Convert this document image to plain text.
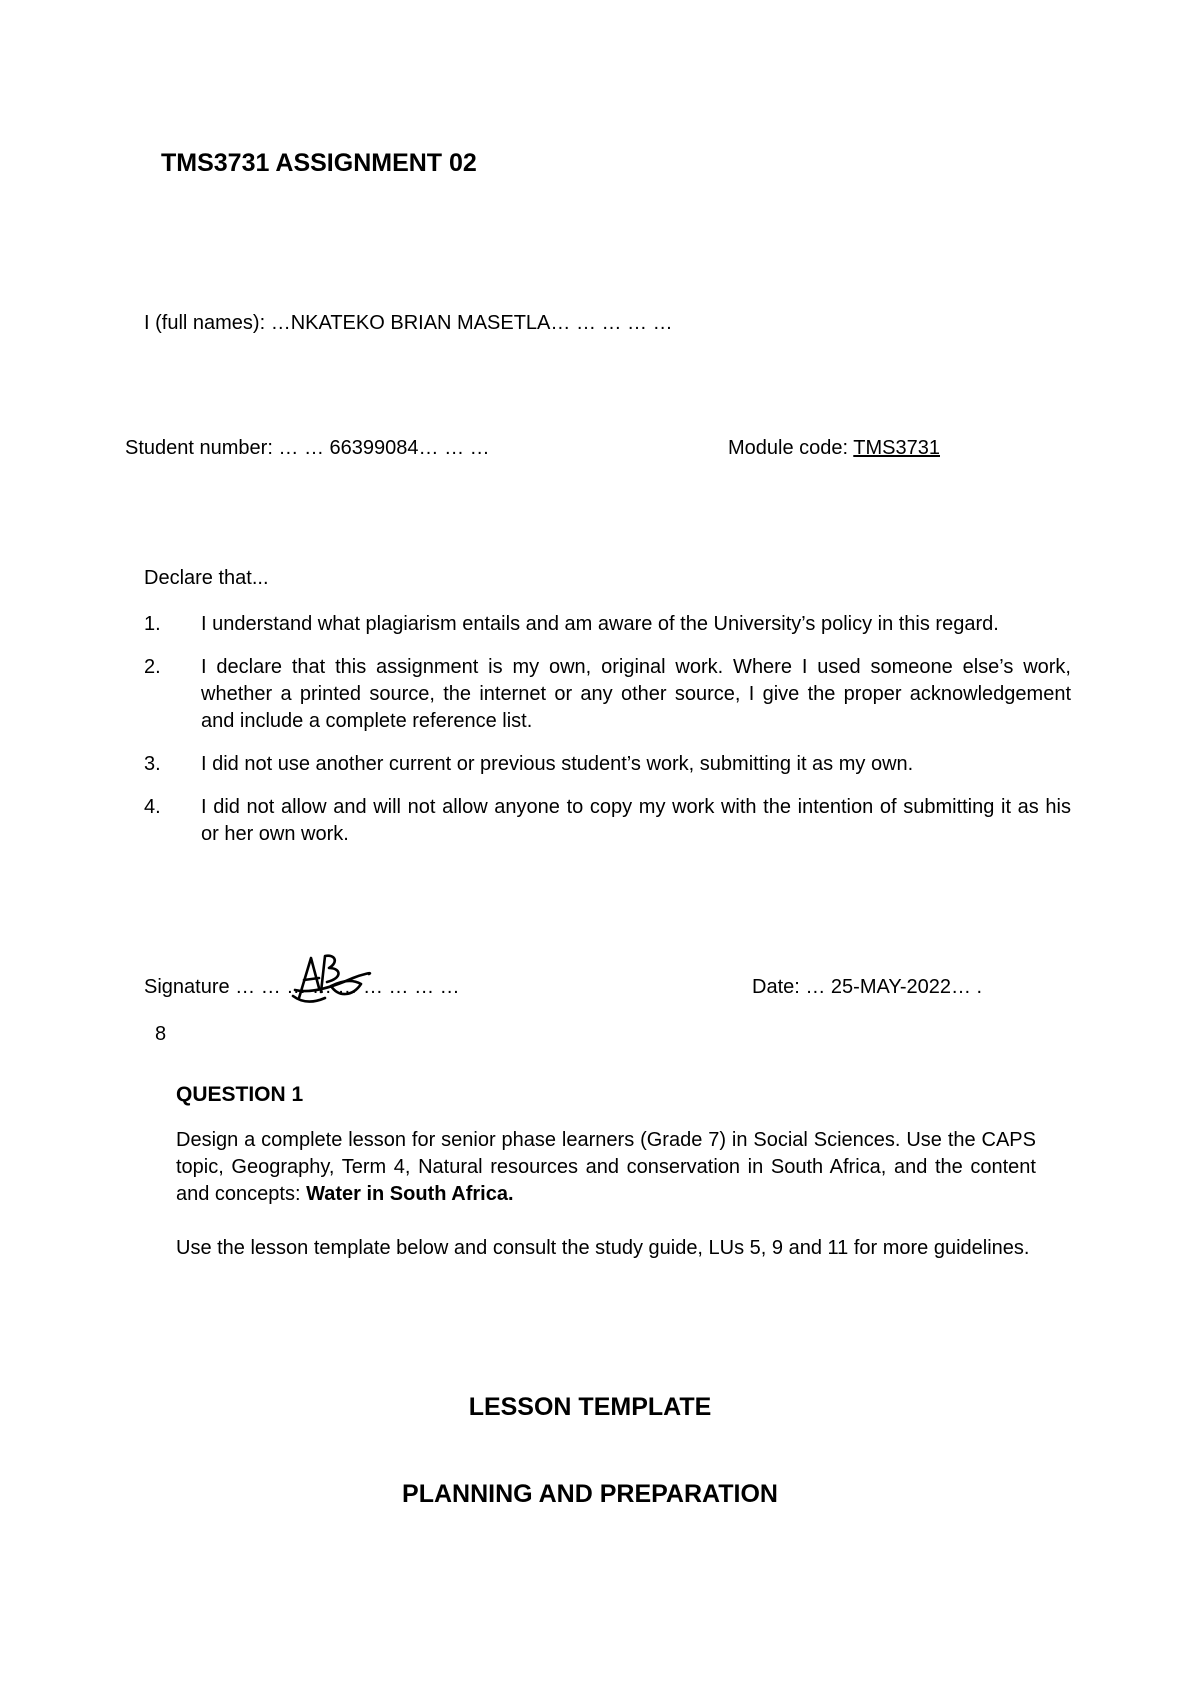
TMS3731 ASSIGNMENT 02
I (full names): …NKATEKO BRIAN MASETLA… … … … …
Student number: … … 66399084… … …	Module code: TMS3731
Declare that...
1. I understand what plagiarism entails and am aware of the University’s policy in this regard.
2. I declare that this assignment is my own, original work. Where I used someone else’s work, whether a printed source, the internet or any other source, I give the proper acknowledgement and include a complete reference list.
3. I did not use another current or previous student’s work, submitting it as my own.
4. I did not allow and will not allow anyone to copy my work with the intention of submitting it as his or her own work.
Signature … … … … … … … … …	Date: … 25-MAY-2022… .
8
QUESTION 1

Design a complete lesson for senior phase learners (Grade 7) in Social Sciences. Use the CAPS topic, Geography, Term 4, Natural resources and conservation in South Africa, and the content and concepts: Water in South Africa.

Use the lesson template below and consult the study guide, LUs 5, 9 and 11 for more guidelines.

LESSON TEMPLATE
PLANNING AND PREPARATION
